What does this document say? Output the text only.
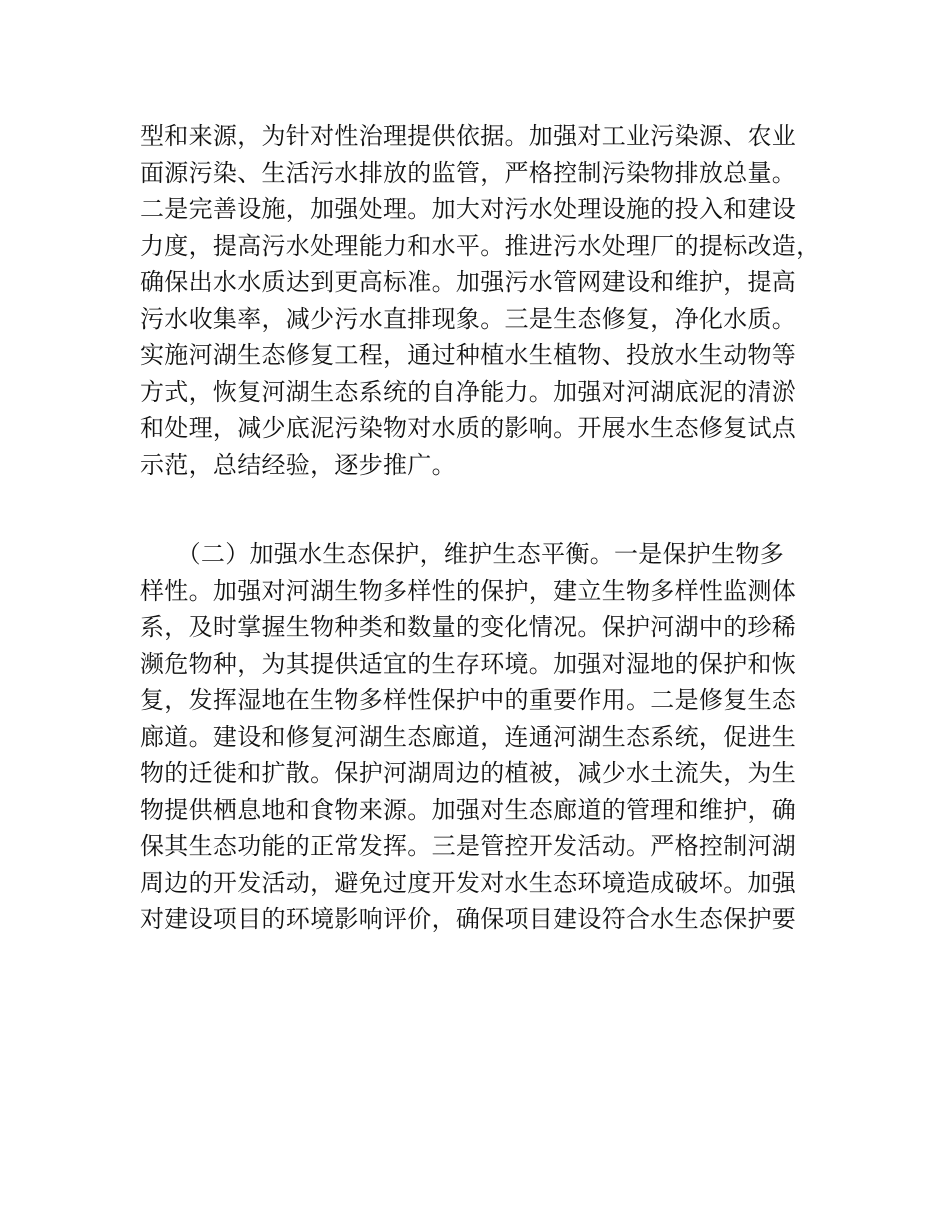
型和来源，为针对性治理提供依据。加强对工业污染源、农业
面源污染、生活污水排放的监管，严格控制污染物排放总量。
二是完善设施，加强处理。加大对污水处理设施的投入和建设
力度，提高污水处理能力和水平。推进污水处理厂的提标改造，
确保出水水质达到更高标准。加强污水管网建设和维护，提高
污水收集率，减少污水直排现象。三是生态修复，净化水质。
实施河湖生态修复工程，通过种植水生植物、投放水生动物等
方式，恢复河湖生态系统的自净能力。加强对河湖底泥的清淤
和处理，减少底泥污染物对水质的影响。开展水生态修复试点
示范，总结经验，逐步推广。
　　（二）加强水生态保护，维护生态平衡。一是保护生物多
样性。加强对河湖生物多样性的保护，建立生物多样性监测体
系，及时掌握生物种类和数量的变化情况。保护河湖中的珍稀
濒危物种，为其提供适宜的生存环境。加强对湿地的保护和恢
复，发挥湿地在生物多样性保护中的重要作用。二是修复生态
廊道。建设和修复河湖生态廊道，连通河湖生态系统，促进生
物的迁徙和扩散。保护河湖周边的植被，减少水土流失，为生
物提供栖息地和食物来源。加强对生态廊道的管理和维护，确
保其生态功能的正常发挥。三是管控开发活动。严格控制河湖
周边的开发活动，避免过度开发对水生态环境造成破坏。加强
对建设项目的环境影响评价，确保项目建设符合水生态保护要
